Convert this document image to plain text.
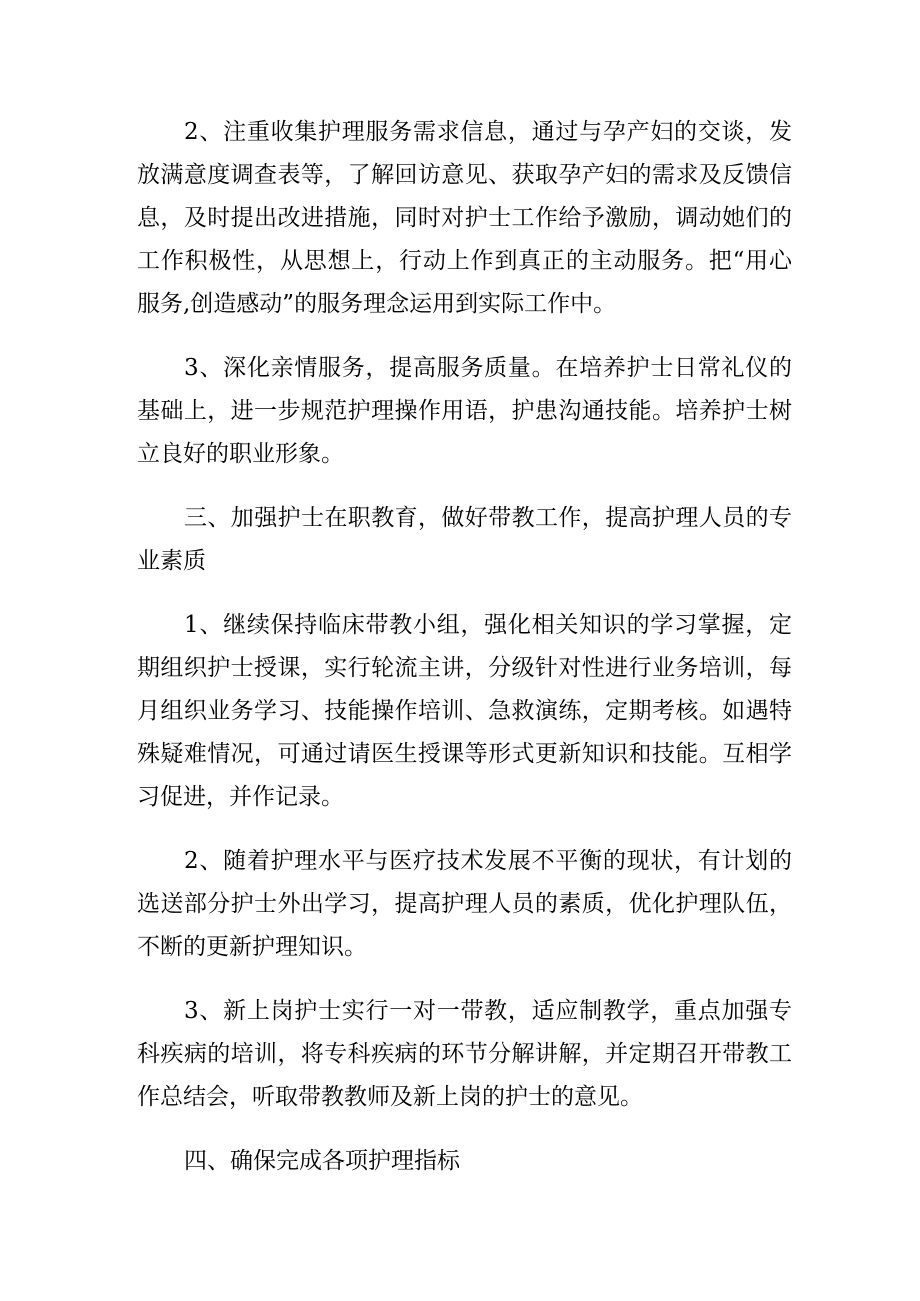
2、注重收集护理服务需求信息，通过与孕产妇的交谈，发放满意度调查表等，了解回访意见、获取孕产妇的需求及反馈信息，及时提出改进措施，同时对护士工作给予激励，调动她们的工作积极性，从思想上，行动上作到真正的主动服务。把“用心服务,创造感动”的服务理念运用到实际工作中。

3、深化亲情服务，提高服务质量。在培养护士日常礼仪的基础上，进一步规范护理操作用语，护患沟通技能。培养护士树立良好的职业形象。

三、加强护士在职教育，做好带教工作，提高护理人员的专业素质

1、继续保持临床带教小组，强化相关知识的学习掌握，定期组织护士授课，实行轮流主讲，分级针对性进行业务培训，每月组织业务学习、技能操作培训、急救演练，定期考核。如遇特殊疑难情况，可通过请医生授课等形式更新知识和技能。互相学习促进，并作记录。

2、随着护理水平与医疗技术发展不平衡的现状，有计划的选送部分护士外出学习，提高护理人员的素质，优化护理队伍，不断的更新护理知识。

3、新上岗护士实行一对一带教，适应制教学，重点加强专科疾病的培训，将专科疾病的环节分解讲解，并定期召开带教工作总结会，听取带教教师及新上岗的护士的意见。

四、确保完成各项护理指标
